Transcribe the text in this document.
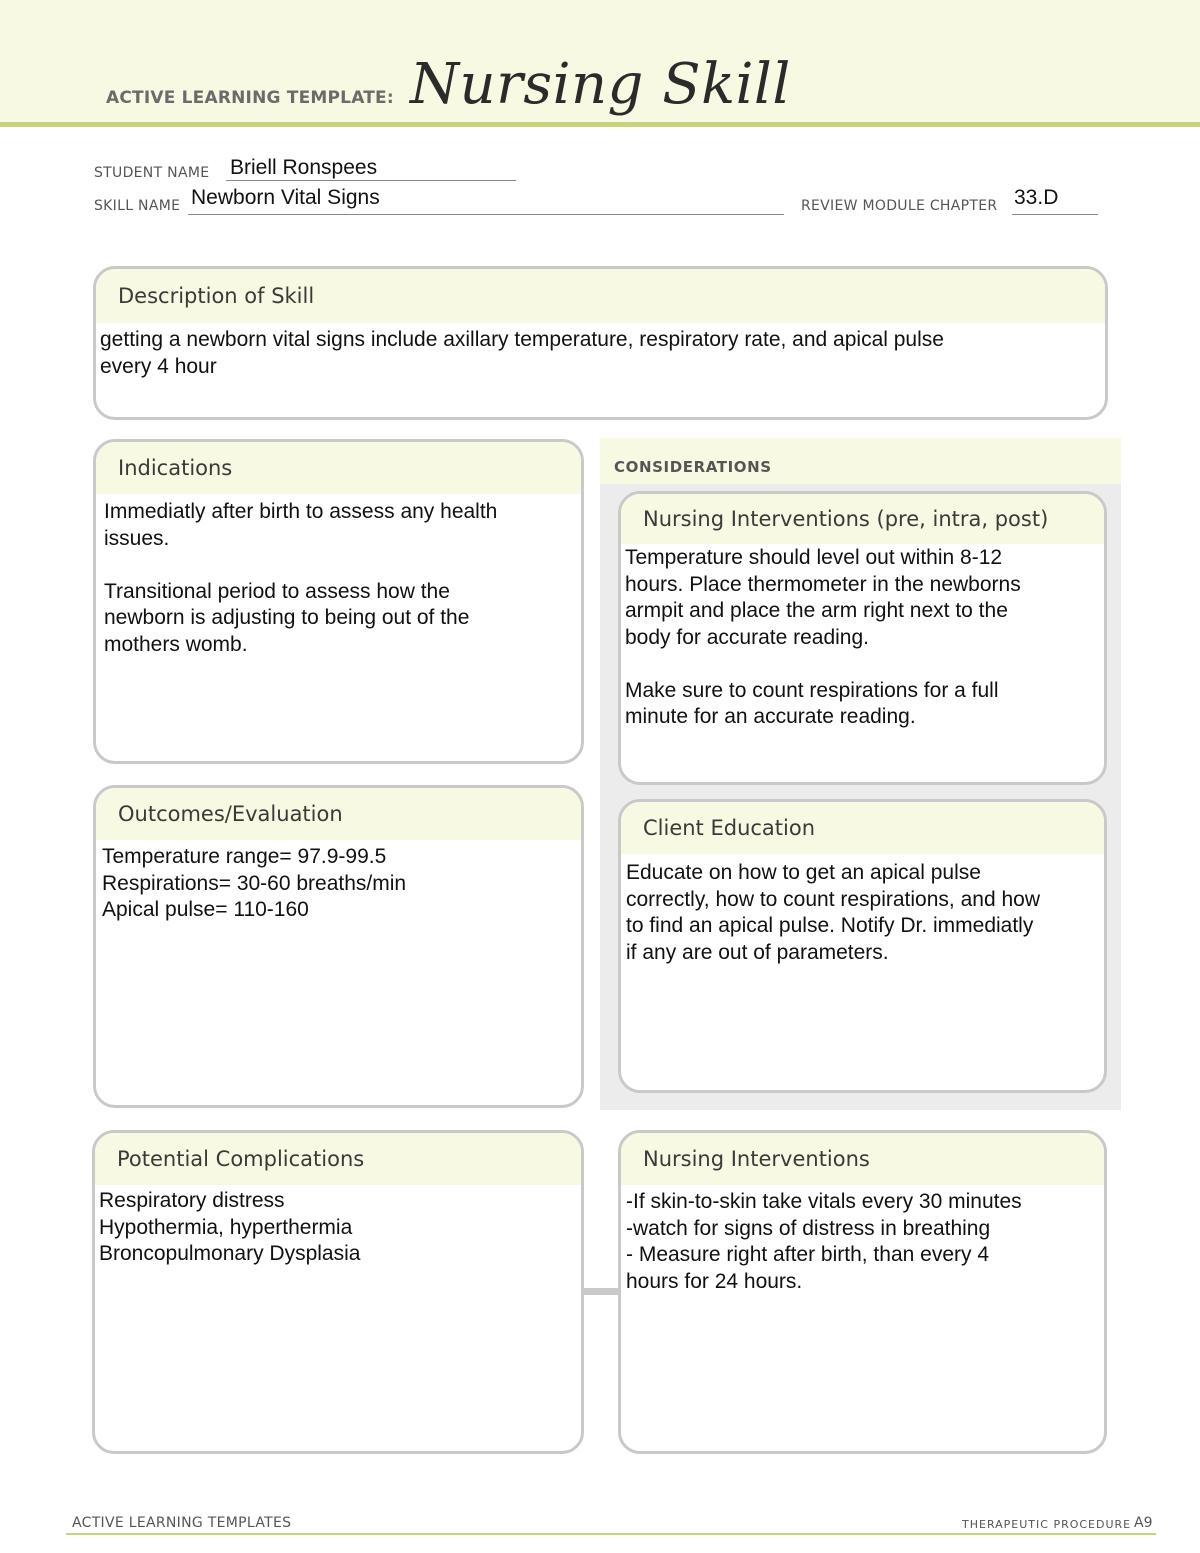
ACTIVE LEARNING TEMPLATE: Nursing Skill
STUDENT NAME Briell Ronspees
SKILL NAME Newborn Vital Signs	REVIEW MODULE CHAPTER 33.D
Description of Skill
getting a newborn vital signs include axillary temperature, respiratory rate, and apical pulse
every 4 hour
CONSIDERATIONS
Indications
Immediatly after birth to assess any health
issues.

Transitional period to assess how the
newborn is adjusting to being out of the
mothers womb.
Nursing Interventions (pre, intra, post)
Temperature should level out within 8-12
hours. Place thermometer in the newborns
armpit and place the arm right next to the
body for accurate reading.

Make sure to count respirations for a full
minute for an accurate reading.
Outcomes/Evaluation
Temperature range= 97.9-99.5
Respirations= 30-60 breaths/min
Apical pulse= 110-160
Client Education
Educate on how to get an apical pulse
correctly, how to count respirations, and how
to find an apical pulse. Notify Dr. immediatly
if any are out of parameters.
Potential Complications
Respiratory distress
Hypothermia, hyperthermia
Broncopulmonary Dysplasia
Nursing Interventions
-If skin-to-skin take vitals every 30 minutes
-watch for signs of distress in breathing
- Measure right after birth, than every 4
hours for 24 hours.
ACTIVE LEARNING TEMPLATES	THERAPEUTIC PROCEDURE A9
